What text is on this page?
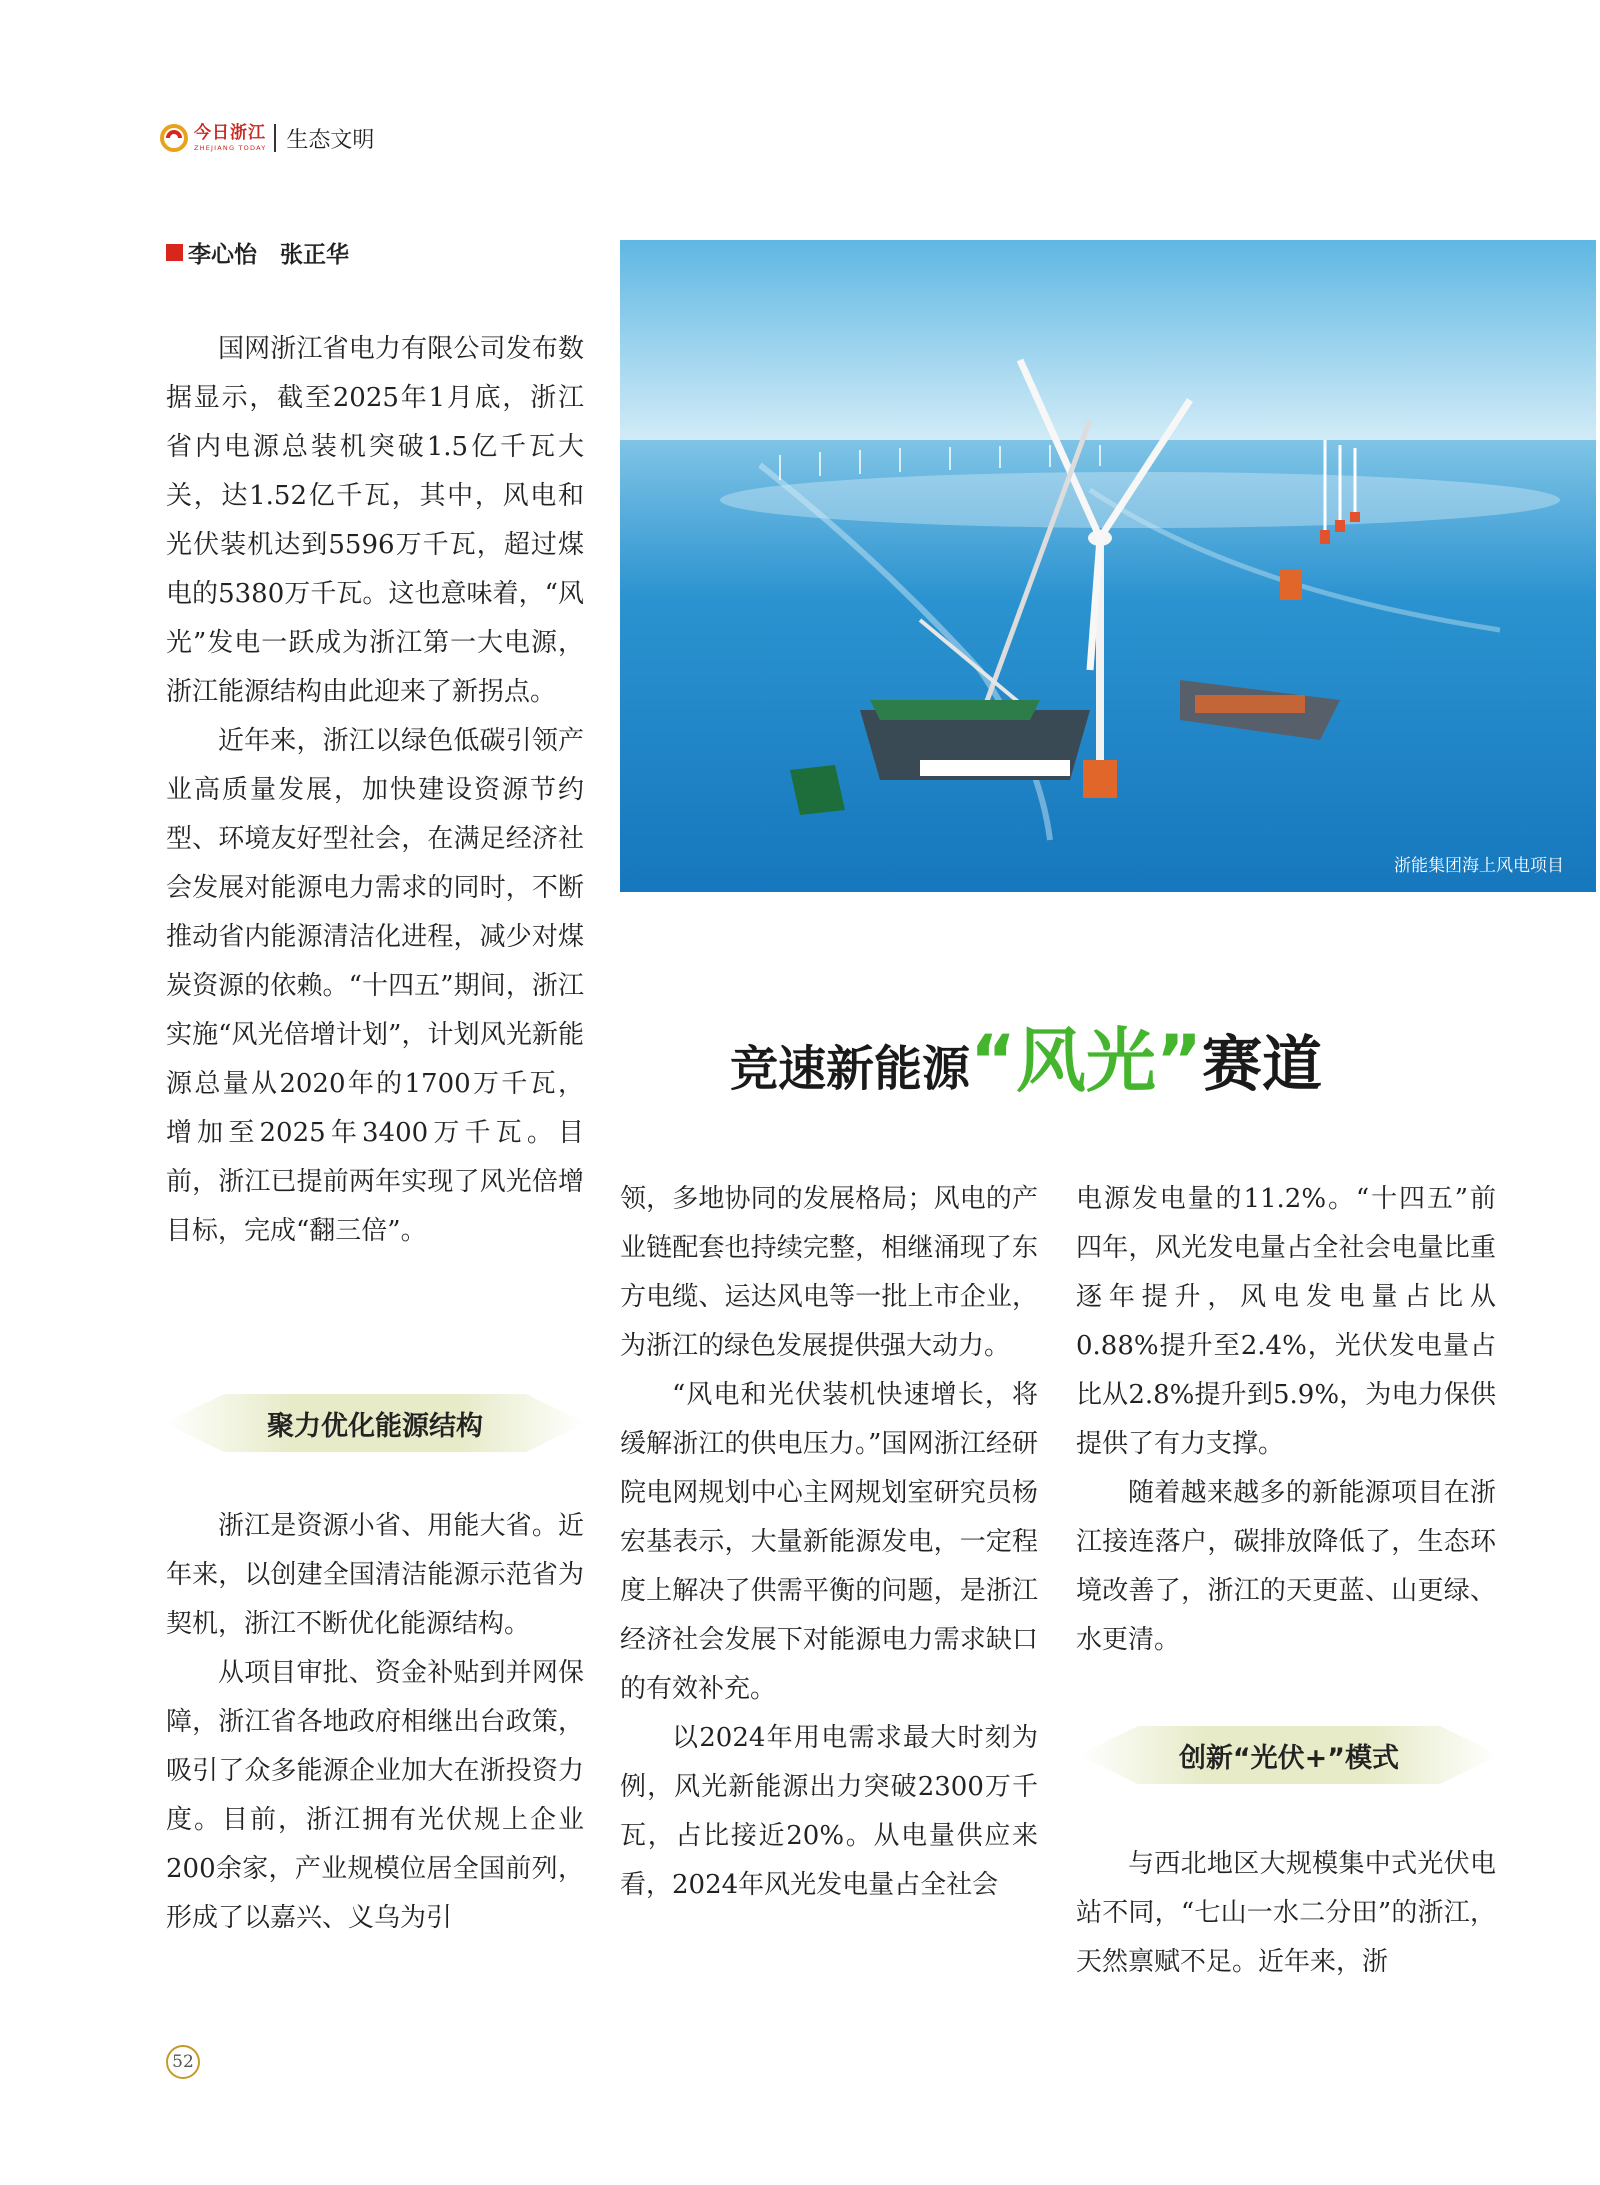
今日浙江
ZHEJIANG TODAY 生态文明
李心怡　张正华

国网浙江省电力有限公司发布数据显示，截至2025年1月底，浙江省内电源总装机突破1.5亿千瓦大关，达1.52亿千瓦，其中，风电和光伏装机达到5596万千瓦，超过煤电的5380万千瓦。这也意味着，“风光”发电一跃成为浙江第一大电源，浙江能源结构由此迎来了新拐点。

近年来，浙江以绿色低碳引领产业高质量发展，加快建设资源节约型、环境友好型社会，在满足经济社会发展对能源电力需求的同时，不断推动省内能源清洁化进程，减少对煤炭资源的依赖。“十四五”期间，浙江实施“风光倍增计划”，计划风光新能源总量从2020年的1700万千瓦，增加至2025年3400万千瓦。目前，浙江已提前两年实现了风光倍增目标，完成“翻三倍”。

聚力优化能源结构

浙江是资源小省、用能大省。近年来，以创建全国清洁能源示范省为契机，浙江不断优化能源结构。

从项目审批、资金补贴到并网保障，浙江省各地政府相继出台政策，吸引了众多能源企业加大在浙投资力度。目前，浙江拥有光伏规上企业200余家，产业规模位居全国前列，形成了以嘉兴、义乌为引

浙能集团海上风电项目
竞速新能源 “风光” 赛道

领，多地协同的发展格局；风电的产业链配套也持续完整，相继涌现了东方电缆、运达风电等一批上市企业，为浙江的绿色发展提供强大动力。

“风电和光伏装机快速增长，将缓解浙江的供电压力。”国网浙江经研院电网规划中心主网规划室研究员杨宏基表示，大量新能源发电，一定程度上解决了供需平衡的问题，是浙江经济社会发展下对能源电力需求缺口的有效补充。

以2024年用电需求最大时刻为例，风光新能源出力突破2300万千瓦，占比接近20%。从电量供应来看，2024年风光发电量占全社会

电源发电量的11.2%。“十四五”前四年，风光发电量占全社会电量比重逐年提升，风电发电量占比从0.88%提升至2.4%，光伏发电量占比从2.8%提升到5.9%，为电力保供提供了有力支撑。

随着越来越多的新能源项目在浙江接连落户，碳排放降低了，生态环境改善了，浙江的天更蓝、山更绿、水更清。

创新“光伏+”模式

与西北地区大规模集中式光伏电站不同，“七山一水二分田”的浙江，天然禀赋不足。近年来，浙

52
